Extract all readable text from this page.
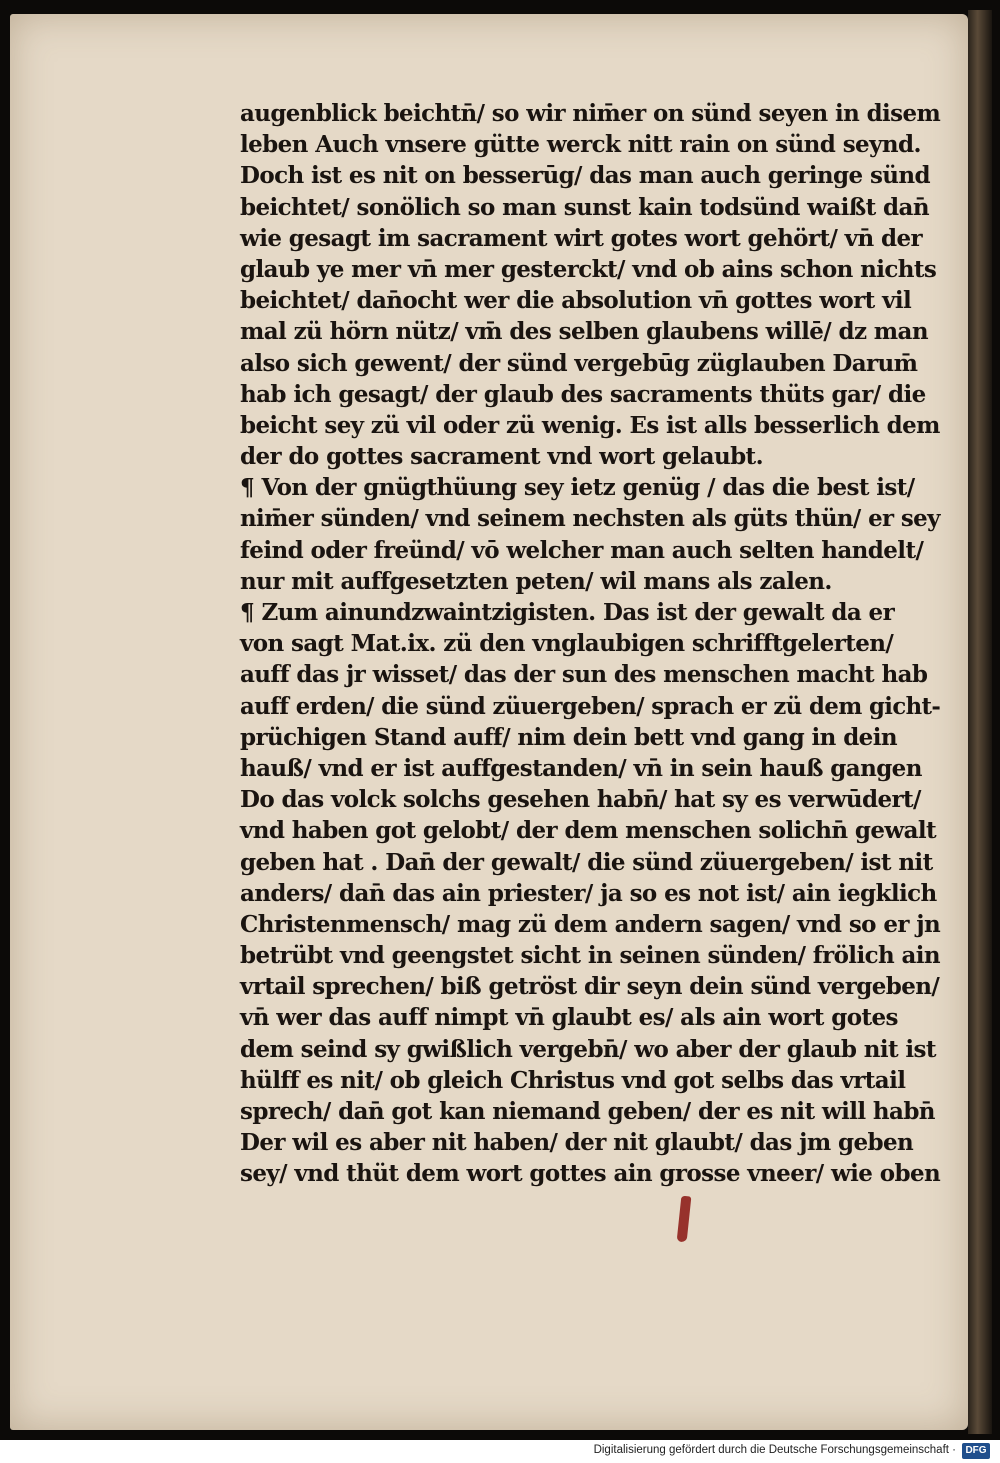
augenblick beichtn̄/ so wir nim̄er on sünd seyen in disem
leben Auch vnsere gütte werck nitt rain on sünd seynd.
Doch ist es nit on besserūg/ das man auch geringe sünd
beichtet/ sonölich so man sunst kain todsünd waißt dan̄
wie gesagt im sacrament wirt gotes wort gehört/ vn̄ der
glaub ye mer vn̄ mer gesterckt/ vnd ob ains schon nichts
beichtet/ dan̄ocht wer die absolution vn̄ gottes wort vil
mal zü hörn nütz/ vm̄ des selben glaubens willē/ dz man
also sich gewent/ der sünd vergebūg züglauben Darum̄
hab ich gesagt/ der glaub des sacraments thüts gar/ die
beicht sey zü vil oder zü wenig. Es ist alls besserlich dem
der do gottes sacrament vnd wort gelaubt.
¶ Von der gnügthüung sey ietz genüg / das die best ist/
nim̄er sünden/ vnd seinem nechsten als güts thün/ er sey
feind oder freünd/ vō welcher man auch selten handelt/
nur mit auffgesetzten peten/ wil mans als zalen.
¶ Zum ainundzwaintzigisten. Das ist der gewalt da er
von sagt Mat.ix. zü den vnglaubigen schrifftgelerten/
auff das jr wisset/ das der sun des menschen macht hab
auff erden/ die sünd züuergeben/ sprach er zü dem gicht-
prüchigen Stand auff/ nim dein bett vnd gang in dein
hauß/ vnd er ist auffgestanden/ vn̄ in sein hauß gangen
Do das volck solchs gesehen habn̄/ hat sy es verwūdert/
vnd haben got gelobt/ der dem menschen solichn̄ gewalt
geben hat . Dan̄ der gewalt/ die sünd züuergeben/ ist nit
anders/ dan̄ das ain priester/ ja so es not ist/ ain iegklich
Christenmensch/ mag zü dem andern sagen/ vnd so er jn
betrübt vnd geengstet sicht in seinen sünden/ frölich ain
vrtail sprechen/ biß getröst dir seyn dein sünd vergeben/
vn̄ wer das auff nimpt vn̄ glaubt es/ als ain wort gotes
dem seind sy gwißlich vergebn̄/ wo aber der glaub nit ist
hülff es nit/ ob gleich Christus vnd got selbs das vrtail
sprech/ dan̄ got kan niemand geben/ der es nit will habn̄
Der wil es aber nit haben/ der nit glaubt/ das jm geben
sey/ vnd thüt dem wort gottes ain grosse vneer/ wie oben
Digitalisierung gefördert durch die Deutsche Forschungsgemeinschaft · DFG
